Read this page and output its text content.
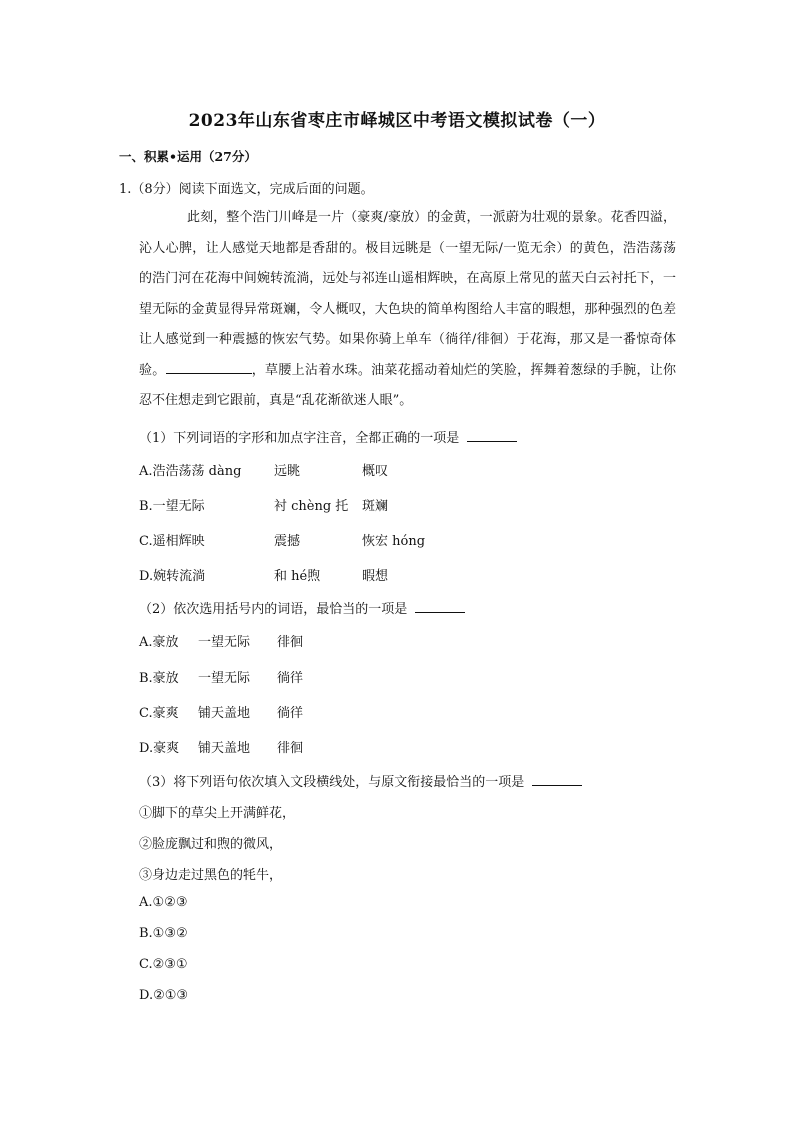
2023年山东省枣庄市峄城区中考语文模拟试卷（一）
一、积累•运用（27分）
1.（8分）阅读下面选文，完成后面的问题。
此刻，整个浩门川峰是一片（豪爽/豪放）的金黄，一派蔚为壮观的景象。花香四溢，沁人心脾，让人感觉天地都是香甜的。极目远眺是（一望无际/一览无余）的黄色，浩浩荡荡的浩门河在花海中间婉转流淌，远处与祁连山遥相辉映，在高原上常见的蓝天白云衬托下，一望无际的金黄显得异常斑斓，令人概叹，大色块的简单构图给人丰富的暇想，那种强烈的色差让人感觉到一种震撼的恢宏气势。如果你骑上单车（徜徉/徘徊）于花海，那又是一番惊奇体验。	，草腰上沾着水珠。油菜花摇动着灿烂的笑脸，挥舞着葱绿的手腕，让你忍不住想走到它跟前，真是“乱花渐欲迷人眼”。
（1）下列词语的字形和加点字注音，全都正确的一项是
A.浩浩荡荡 dàng	远眺	概叹
B.一望无际	衬 chèng 托 斑斓
C.遥相辉映	震撼	恢宏 hóng
D.婉转流淌	和 hé煦	暇想
（2）依次选用括号内的词语，最恰当的一项是
A.豪放 一望无际 徘徊
B.豪放 一望无际 徜徉
C.豪爽 铺天盖地 徜徉
D.豪爽 铺天盖地 徘徊
（3）将下列语句依次填入文段横线处，与原文衔接最恰当的一项是
①脚下的草尖上开满鲜花，
②脸庞飘过和煦的微风，
③身边走过黑色的牦牛，
A.①②③
B.①③②
C.②③①
D.②①③
